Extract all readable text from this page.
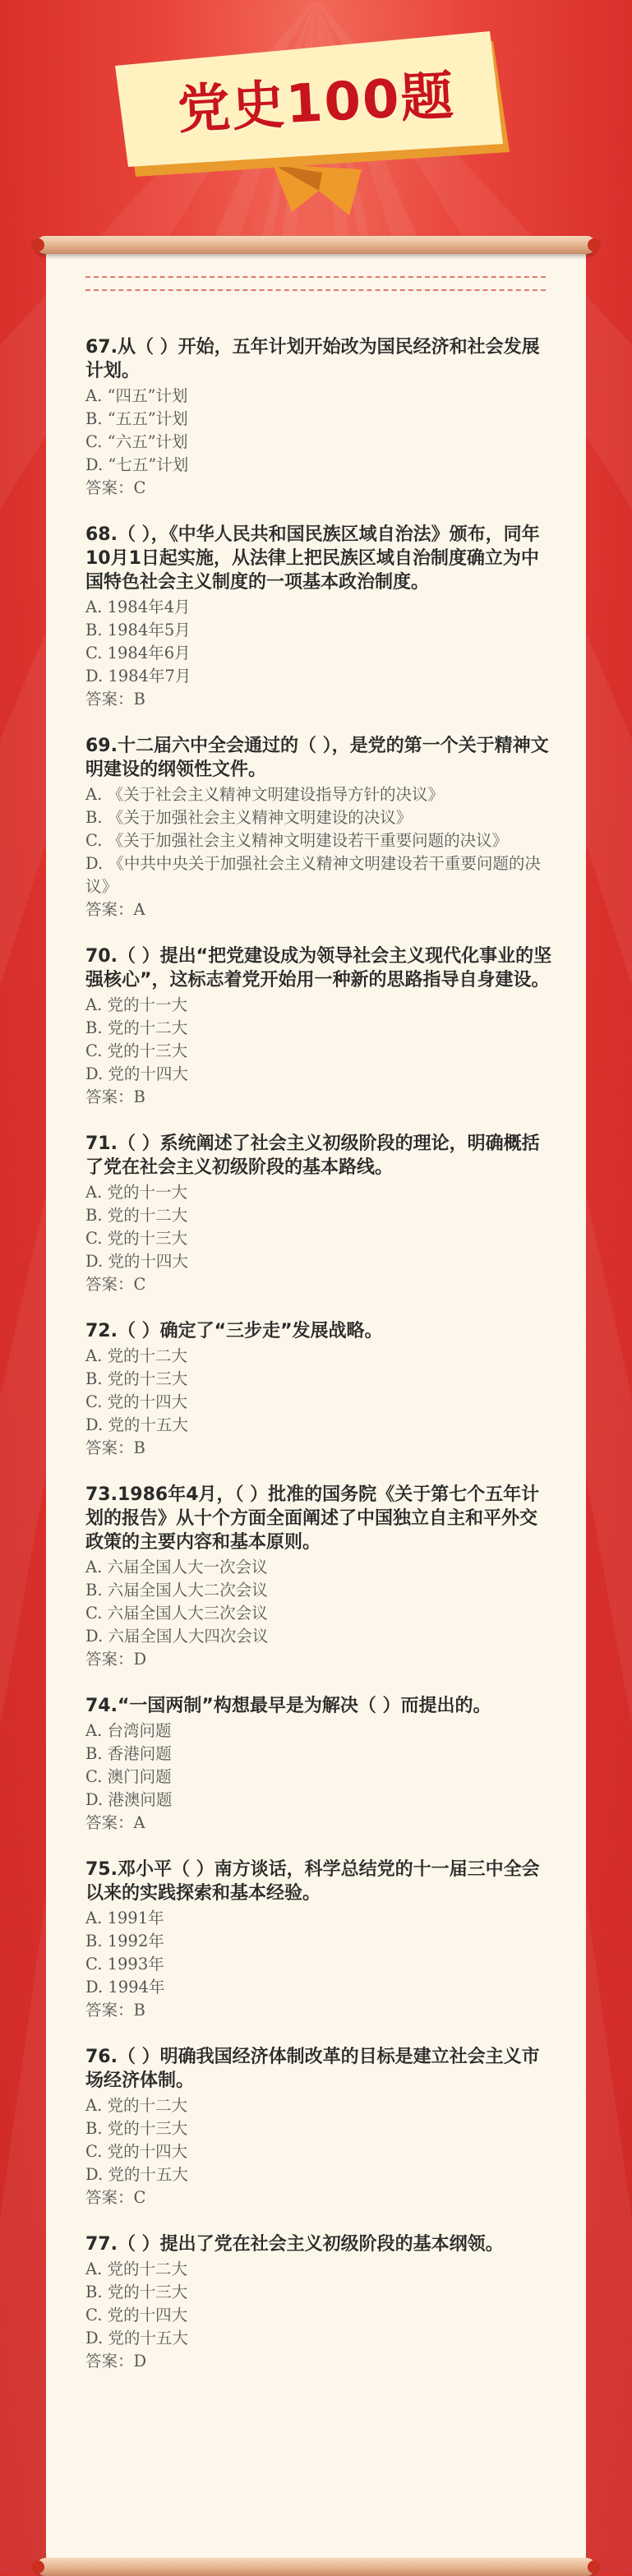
党史100题

67.从（ ）开始，五年计划开始改为国民经济和社会发展计划。

A. “四五”计划

B. “五五”计划

C. “六五”计划

D. “七五”计划

答案：C

68.（ ），《中华人民共和国民族区域自治法》颁布，同年10月1日起实施，从法律上把民族区域自治制度确立为中国特色社会主义制度的一项基本政治制度。

A. 1984年4月

B. 1984年5月

C. 1984年6月

D. 1984年7月

答案：B

69.十二届六中全会通过的（ ），是党的第一个关于精神文明建设的纲领性文件。

A. 《关于社会主义精神文明建设指导方针的决议》

B. 《关于加强社会主义精神文明建设的决议》

C. 《关于加强社会主义精神文明建设若干重要问题的决议》

D. 《中共中央关于加强社会主义精神文明建设若干重要问题的决议》

答案：A

70.（ ）提出“把党建设成为领导社会主义现代化事业的坚强核心”，这标志着党开始用一种新的思路指导自身建设。

A. 党的十一大

B. 党的十二大

C. 党的十三大

D. 党的十四大

答案：B

71.（ ）系统阐述了社会主义初级阶段的理论，明确概括了党在社会主义初级阶段的基本路线。

A. 党的十一大

B. 党的十二大

C. 党的十三大

D. 党的十四大

答案：C

72.（ ）确定了“三步走”发展战略。

A. 党的十二大

B. 党的十三大

C. 党的十四大

D. 党的十五大

答案：B

73.1986年4月，（ ）批准的国务院《关于第七个五年计划的报告》从十个方面全面阐述了中国独立自主和平外交政策的主要内容和基本原则。

A. 六届全国人大一次会议

B. 六届全国人大二次会议

C. 六届全国人大三次会议

D. 六届全国人大四次会议

答案：D

74.“一国两制”构想最早是为解决（ ）而提出的。

A. 台湾问题

B. 香港问题

C. 澳门问题

D. 港澳问题

答案：A

75.邓小平（ ）南方谈话，科学总结党的十一届三中全会以来的实践探索和基本经验。

A. 1991年

B. 1992年

C. 1993年

D. 1994年

答案：B

76.（ ）明确我国经济体制改革的目标是建立社会主义市场经济体制。

A. 党的十二大

B. 党的十三大

C. 党的十四大

D. 党的十五大

答案：C

77.（ ）提出了党在社会主义初级阶段的基本纲领。

A. 党的十二大

B. 党的十三大

C. 党的十四大

D. 党的十五大

答案：D
